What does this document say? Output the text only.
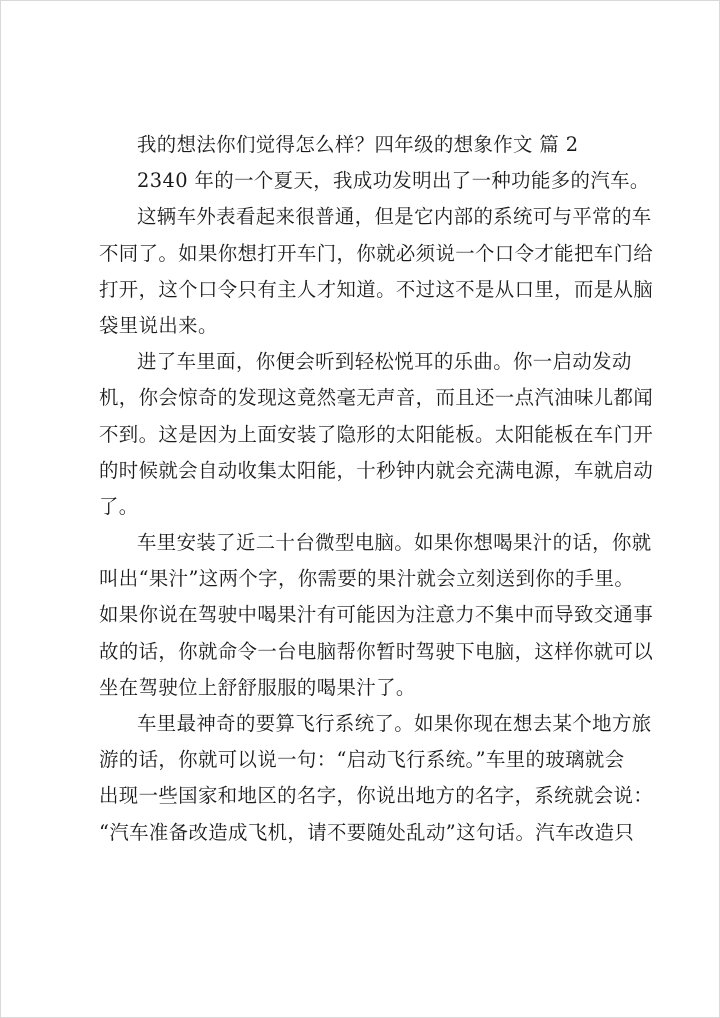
我的想法你们觉得怎么样？四年级的想象作文 篇 2
2340 年的一个夏天，我成功发明出了一种功能多的汽车。
这辆车外表看起来很普通，但是它内部的系统可与平常的车
不同了。如果你想打开车门，你就必须说一个口令才能把车门给
打开，这个口令只有主人才知道。不过这不是从口里，而是从脑
袋里说出来。
进了车里面，你便会听到轻松悦耳的乐曲。你一启动发动
机，你会惊奇的发现这竟然毫无声音，而且还一点汽油味儿都闻
不到。这是因为上面安装了隐形的太阳能板。太阳能板在车门开
的时候就会自动收集太阳能，十秒钟内就会充满电源，车就启动
了。
车里安装了近二十台微型电脑。如果你想喝果汁的话，你就
叫出“果汁”这两个字，你需要的果汁就会立刻送到你的手里。
如果你说在驾驶中喝果汁有可能因为注意力不集中而导致交通事
故的话，你就命令一台电脑帮你暂时驾驶下电脑，这样你就可以
坐在驾驶位上舒舒服服的喝果汁了。
车里最神奇的要算飞行系统了。如果你现在想去某个地方旅
游的话，你就可以说一句：“启动飞行系统。”车里的玻璃就会
出现一些国家和地区的名字，你说出地方的名字，系统就会说：
“汽车准备改造成飞机，请不要随处乱动”这句话。汽车改造只
